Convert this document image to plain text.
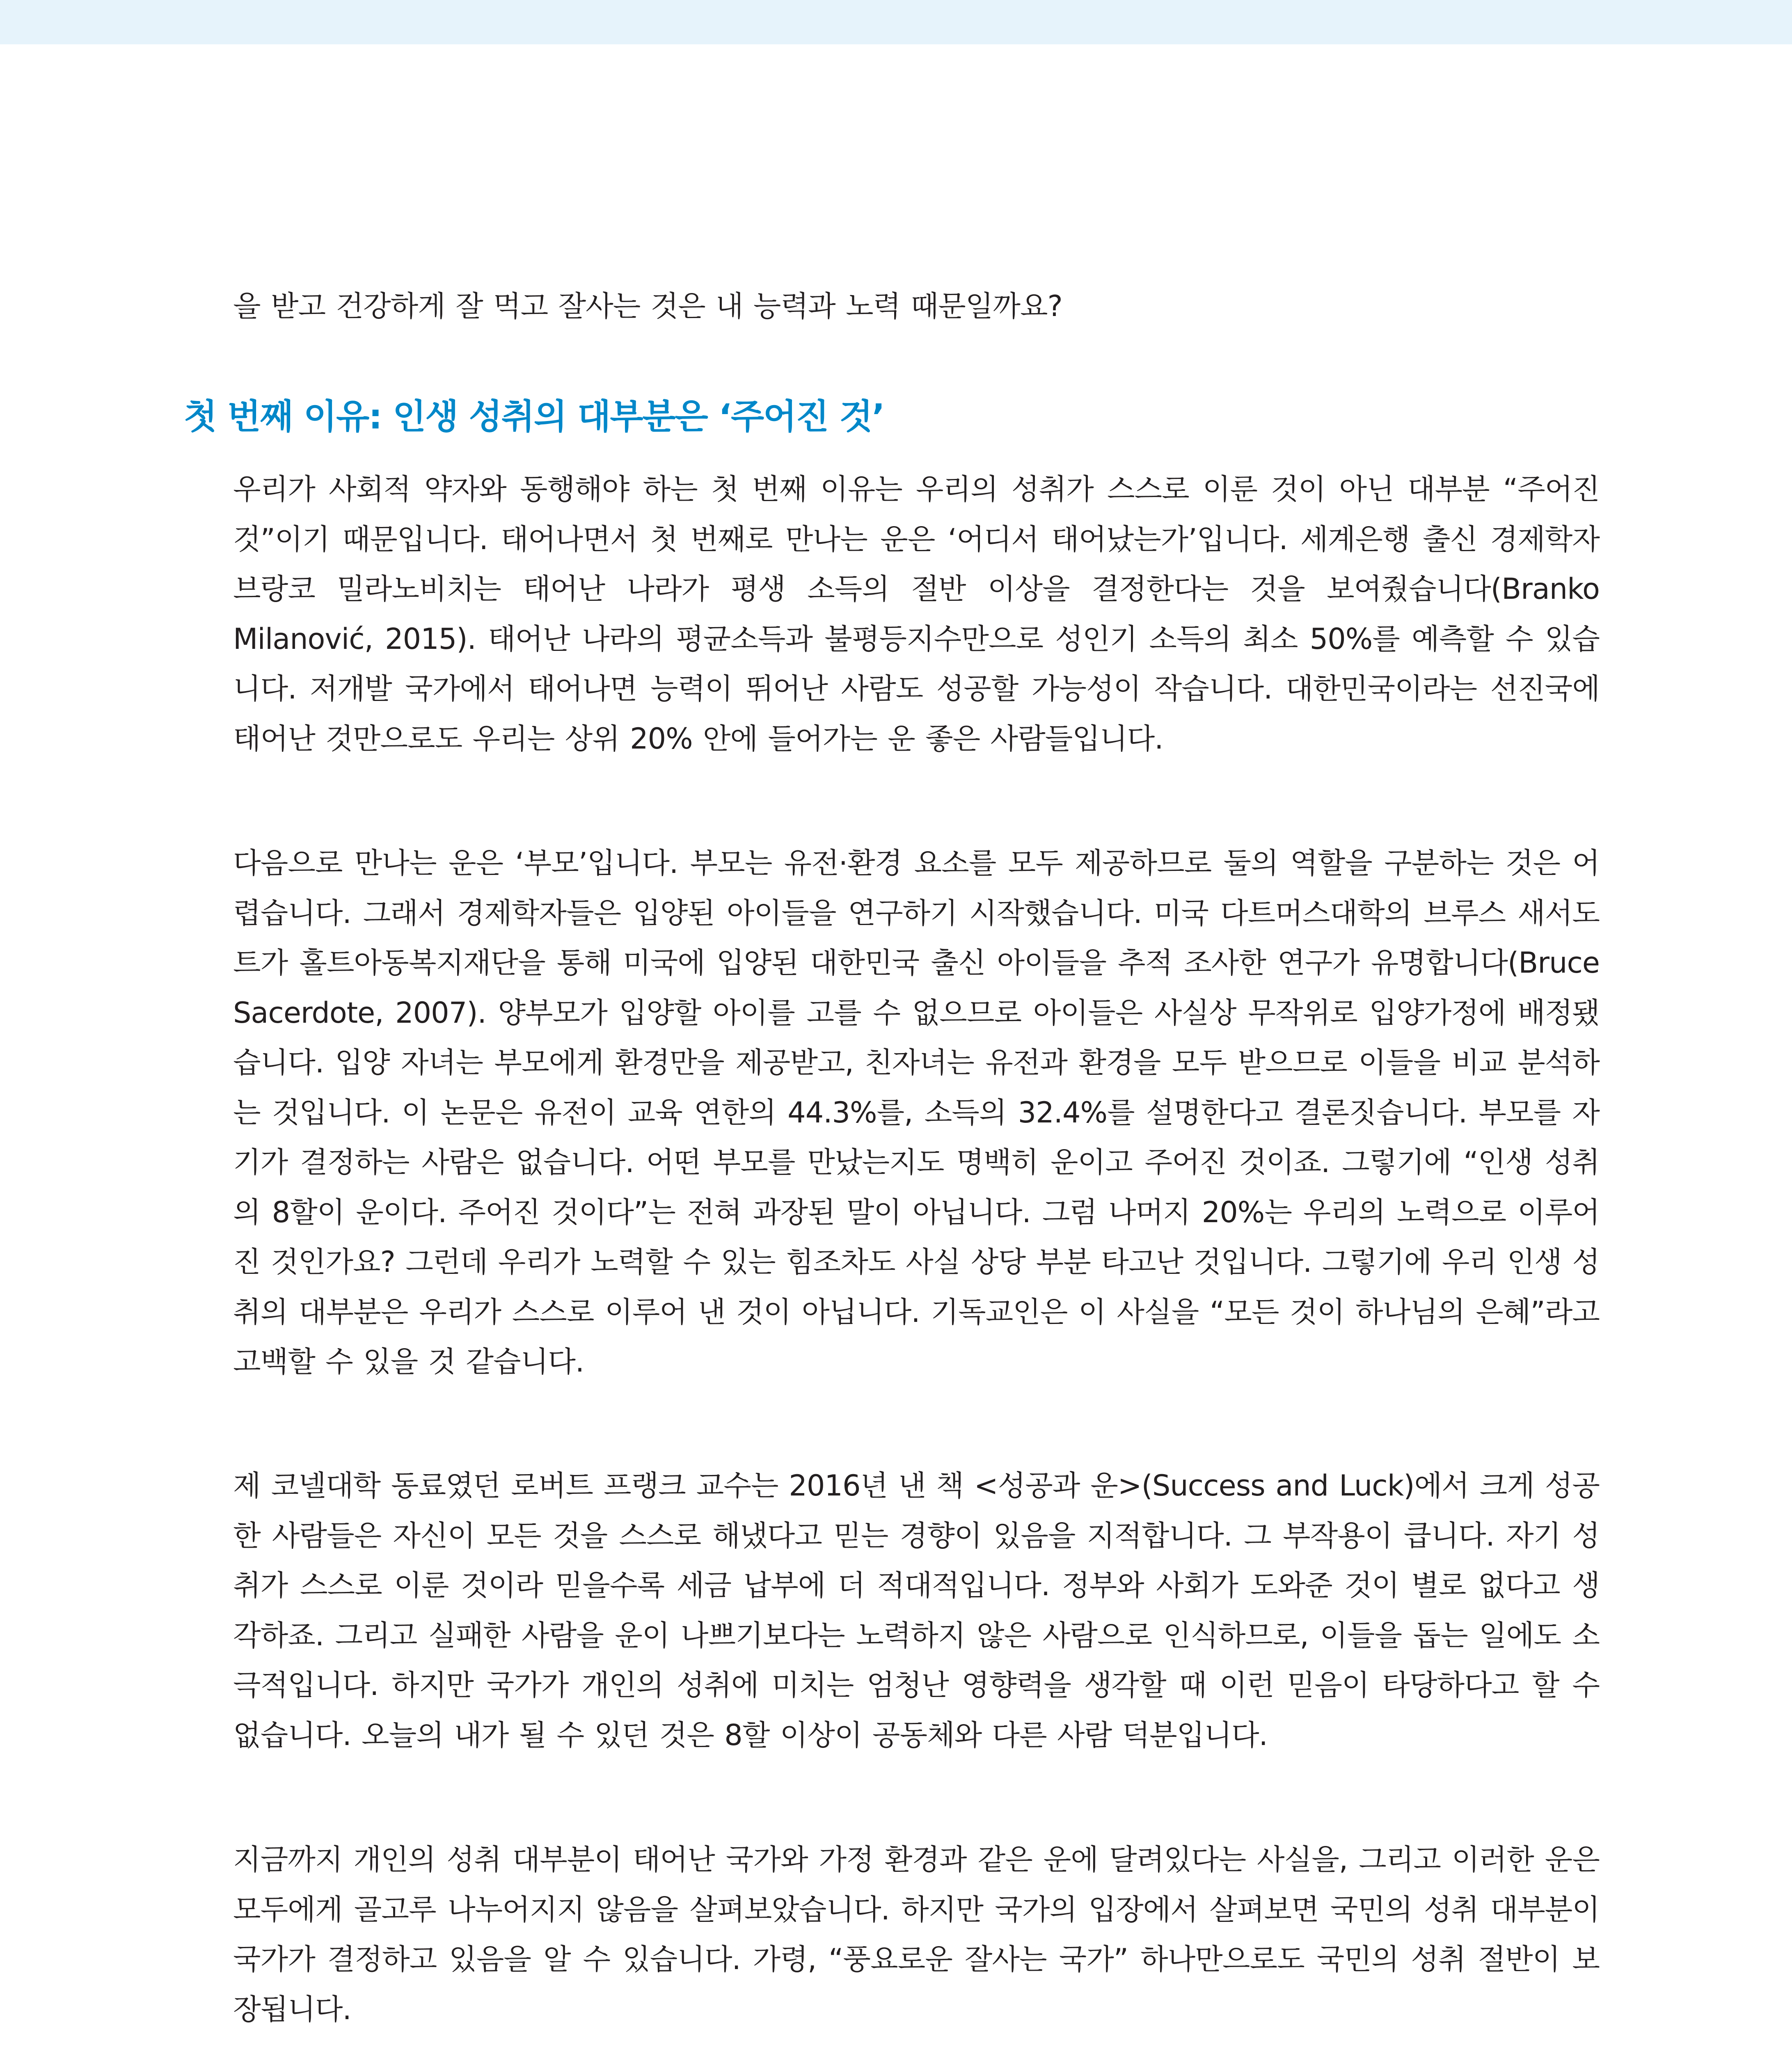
을 받고 건강하게 잘 먹고 잘사는 것은 내 능력과 노력 때문일까요?

첫 번째 이유: 인생 성취의 대부분은 ‘주어진 것’

우리가 사회적 약자와 동행해야 하는 첫 번째 이유는 우리의 성취가 스스로 이룬 것이 아닌 대부분 “주어진 것”이기 때문입니다. 태어나면서 첫 번째로 만나는 운은 ‘어디서 태어났는가’입니다. 세계은행 출신 경제학자 브랑코 밀라노비치는 태어난 나라가 평생 소득의 절반 이상을 결정한다는 것을 보여줬습니다(Branko Milanović, 2015). 태어난 나라의 평균소득과 불평등지수만으로 성인기 소득의 최소 50%를 예측할 수 있습니다. 저개발 국가에서 태어나면 능력이 뛰어난 사람도 성공할 가능성이 작습니다. 대한민국이라는 선진국에 태어난 것만으로도 우리는 상위 20% 안에 들어가는 운 좋은 사람들입니다.

다음으로 만나는 운은 ‘부모’입니다. 부모는 유전·환경 요소를 모두 제공하므로 둘의 역할을 구분하는 것은 어렵습니다. 그래서 경제학자들은 입양된 아이들을 연구하기 시작했습니다. 미국 다트머스대학의 브루스 새서도트가 홀트아동복지재단을 통해 미국에 입양된 대한민국 출신 아이들을 추적 조사한 연구가 유명합니다(Bruce Sacerdote, 2007). 양부모가 입양할 아이를 고를 수 없으므로 아이들은 사실상 무작위로 입양가정에 배정됐습니다. 입양 자녀는 부모에게 환경만을 제공받고, 친자녀는 유전과 환경을 모두 받으므로 이들을 비교 분석하는 것입니다. 이 논문은 유전이 교육 연한의 44.3%를, 소득의 32.4%를 설명한다고 결론짓습니다. 부모를 자기가 결정하는 사람은 없습니다. 어떤 부모를 만났는지도 명백히 운이고 주어진 것이죠. 그렇기에 “인생 성취의 8할이 운이다. 주어진 것이다”는 전혀 과장된 말이 아닙니다. 그럼 나머지 20%는 우리의 노력으로 이루어진 것인가요? 그런데 우리가 노력할 수 있는 힘조차도 사실 상당 부분 타고난 것입니다. 그렇기에 우리 인생 성취의 대부분은 우리가 스스로 이루어 낸 것이 아닙니다. 기독교인은 이 사실을 “모든 것이 하나님의 은혜”라고 고백할 수 있을 것 같습니다.

제 코넬대학 동료였던 로버트 프랭크 교수는 2016년 낸 책 <성공과 운>(Success and Luck)에서 크게 성공한 사람들은 자신이 모든 것을 스스로 해냈다고 믿는 경향이 있음을 지적합니다. 그 부작용이 큽니다. 자기 성취가 스스로 이룬 것이라 믿을수록 세금 납부에 더 적대적입니다. 정부와 사회가 도와준 것이 별로 없다고 생각하죠. 그리고 실패한 사람을 운이 나쁘기보다는 노력하지 않은 사람으로 인식하므로, 이들을 돕는 일에도 소극적입니다. 하지만 국가가 개인의 성취에 미치는 엄청난 영향력을 생각할 때 이런 믿음이 타당하다고 할 수 없습니다. 오늘의 내가 될 수 있던 것은 8할 이상이 공동체와 다른 사람 덕분입니다.

지금까지 개인의 성취 대부분이 태어난 국가와 가정 환경과 같은 운에 달려있다는 사실을, 그리고 이러한 운은 모두에게 골고루 나누어지지 않음을 살펴보았습니다. 하지만 국가의 입장에서 살펴보면 국민의 성취 대부분이 국가가 결정하고 있음을 알 수 있습니다. 가령, “풍요로운 잘사는 국가” 하나만으로도 국민의 성취 절반이 보장됩니다.
